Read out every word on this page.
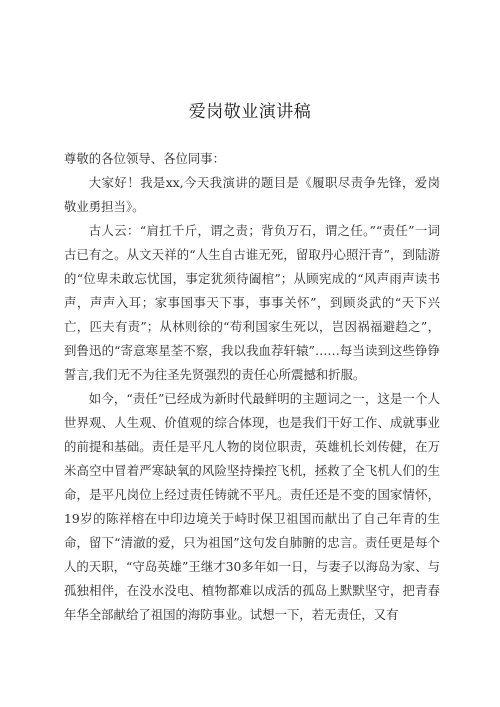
爱岗敬业演讲稿

尊敬的各位领导、各位同事：

大家好！我是xx,今天我演讲的题目是《履职尽责争先锋，爱岗敬业勇担当》。

古人云：“肩扛千斤，谓之责；背负万石，谓之任。”“责任”一词古已有之。从文天祥的“人生自古谁无死，留取丹心照汗青”，到陆游的“位卑未敢忘忧国，事定犹须待阖棺”；从顾宪成的“风声雨声读书声，声声入耳；家事国事天下事，事事关怀”，到顾炎武的“天下兴亡，匹夫有责”；从林则徐的“苟利国家生死以，岂因祸福避趋之”，到鲁迅的“寄意寒星荃不察，我以我血荐轩辕”……每当读到这些铮铮誓言,我们无不为往圣先贤强烈的责任心所震撼和折服。

如今，“责任”已经成为新时代最鲜明的主题词之一，这是一个人世界观、人生观、价值观的综合体现，也是我们干好工作、成就事业的前提和基础。责任是平凡人物的岗位职责，英雄机长刘传健，在万米高空中冒着严寒缺氧的风险坚持操控飞机，拯救了全飞机人们的生命，是平凡岗位上经过责任铸就不平凡。责任还是不变的国家情怀，19岁的陈祥榕在中印边境关于峙时保卫祖国而献出了自己年青的生命，留下“清澈的爱，只为祖国”这句发自肺腑的忠言。责任更是每个人的天职，“守岛英雄”王继才30多年如一日，与妻子以海岛为家、与孤独相伴，在没水没电、植物都难以成活的孤岛上默默坚守，把青春年华全部献给了祖国的海防事业。试想一下，若无责任，又有
